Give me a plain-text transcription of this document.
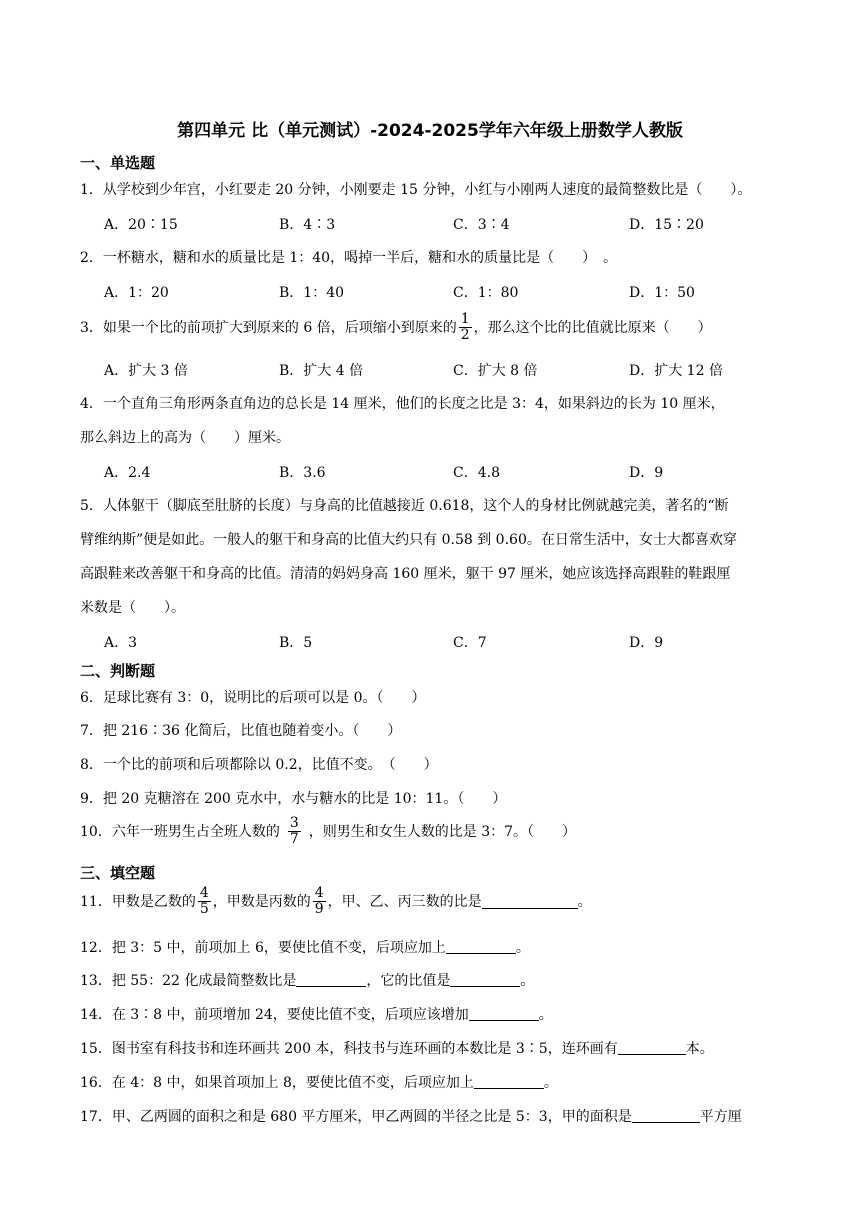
第四单元 比（单元测试）-2024-2025学年六年级上册数学人教版
一、单选题
1．从学校到少年宫，小红要走 20 分钟，小刚要走 15 分钟，小红与小刚两人速度的最简整数比是（　　）。
A．20∶15	B．4∶3	C．3∶4	D．15∶20
2．一杯糖水，糖和水的质量比是 1：40，喝掉一半后，糖和水的质量比是（　　）　。
A．1：20	B．1：40	C．1：80	D．1：50
3．如果一个比的前项扩大到原来的 6 倍，后项缩小到原来的 $\frac{1}{2}$ ，那么这个比的比值就比原来（　　）
A．扩大 3 倍	B．扩大 4 倍	C．扩大 8 倍	D．扩大 12 倍
4．一个直角三角形两条直角边的总长是 14 厘米，他们的长度之比是 3：4，如果斜边的长为 10 厘米，
那么斜边上的高为（　　）厘米。
A．2.4	B．3.6	C．4.8	D．9
5．人体躯干（脚底至肚脐的长度）与身高的比值越接近 0.618，这个人的身材比例就越完美，著名的“断
臂维纳斯”便是如此。一般人的躯干和身高的比值大约只有 0.58 到 0.60。在日常生活中，女士大都喜欢穿
高跟鞋来改善躯干和身高的比值。清清的妈妈身高 160 厘米，躯干 97 厘米，她应该选择高跟鞋的鞋跟厘
米数是（　　）。
A．3	B．5	C．7	D．9
二、判断题
6．足球比赛有 3：0，说明比的后项可以是 0。（　　）
7．把 216∶36 化简后，比值也随着变小。（　　）
8．一个比的前项和后项都除以 0.2，比值不变。　（　　）
9．把 20 克糖溶在 200 克水中，水与糖水的比是 10：11。（　　）
10．六年一班男生占全班人数的 $\frac{3}{7}$ ，则男生和女生人数的比是 3：7。（　　）
三、填空题
11．甲数是乙数的 $\frac{4}{5}$ ，甲数是丙数的 $\frac{4}{9}$ ，甲、乙、丙三数的比是	。
12．把 3：5 中，前项加上 6，要使比值不变，后项应加上	。
13．把 55：22 化成最简整数比是	，它的比值是	。
14．在 3∶8 中，前项增加 24，要使比值不变，后项应该增加	。
15．图书室有科技书和连环画共 200 本，科技书与连环画的本数比是 3∶5，连环画有	本。
16．在 4：8 中，如果首项加上 8，要使比值不变，后项应加上	。
17．甲、乙两圆的面积之和是 680 平方厘米，甲乙两圆的半径之比是 5：3，甲的面积是	平方厘
